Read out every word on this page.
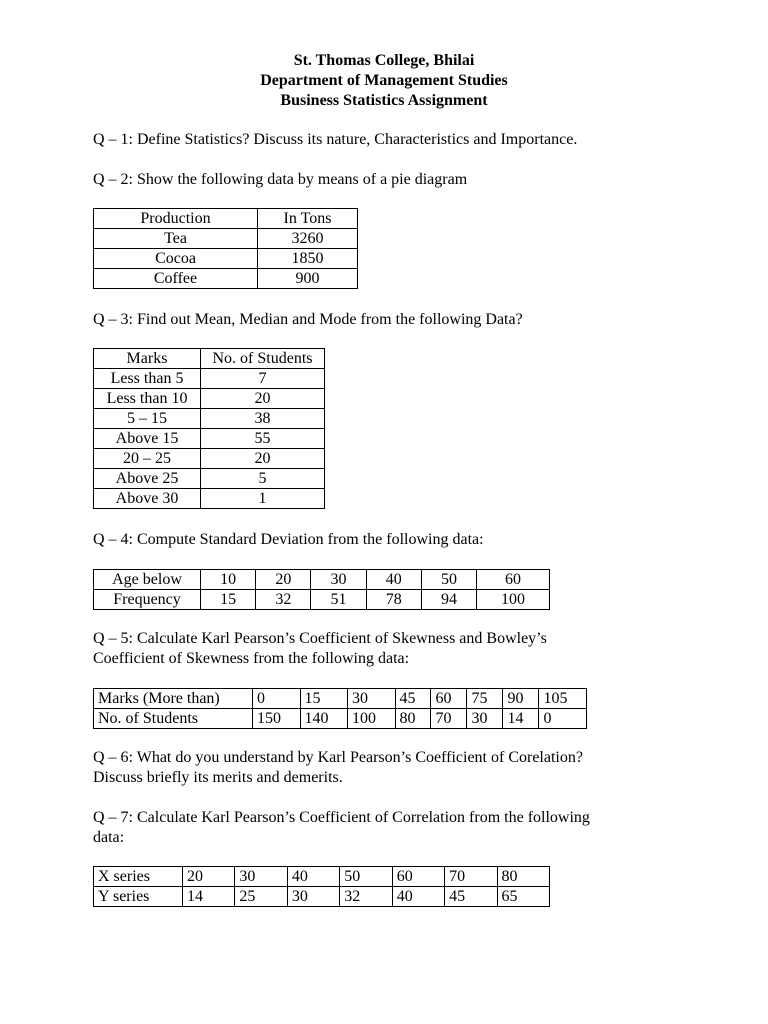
St. Thomas College, Bhilai
Department of Management Studies
Business Statistics Assignment

Q – 1: Define Statistics? Discuss its nature, Characteristics and Importance.

Q – 2: Show the following data by means of a pie diagram

Production	In Tons
Tea	3260
Cocoa	1850
Coffee	900

Q – 3: Find out Mean, Median and Mode from the following Data?

Marks	No. of Students
Less than 5	7
Less than 10	20
5 – 15	38
Above 15	55
20 – 25	20
Above 25	5
Above 30	1

Q – 4: Compute Standard Deviation from the following data:

Age below	10	20	30	40	50	60
Frequency	15	32	51	78	94	100

Q – 5: Calculate Karl Pearson’s Coefficient of Skewness and Bowley’s

Coefficient of Skewness from the following data:

Marks (More than)	0	15	30	45	60	75	90	105
No. of Students	150	140	100	80	70	30	14	0

Q – 6: What do you understand by Karl Pearson’s Coefficient of Corelation?

Discuss briefly its merits and demerits.

Q – 7: Calculate Karl Pearson’s Coefficient of Correlation from the following

data:

X series	20	30	40	50	60	70	80
Y series	14	25	30	32	40	45	65
